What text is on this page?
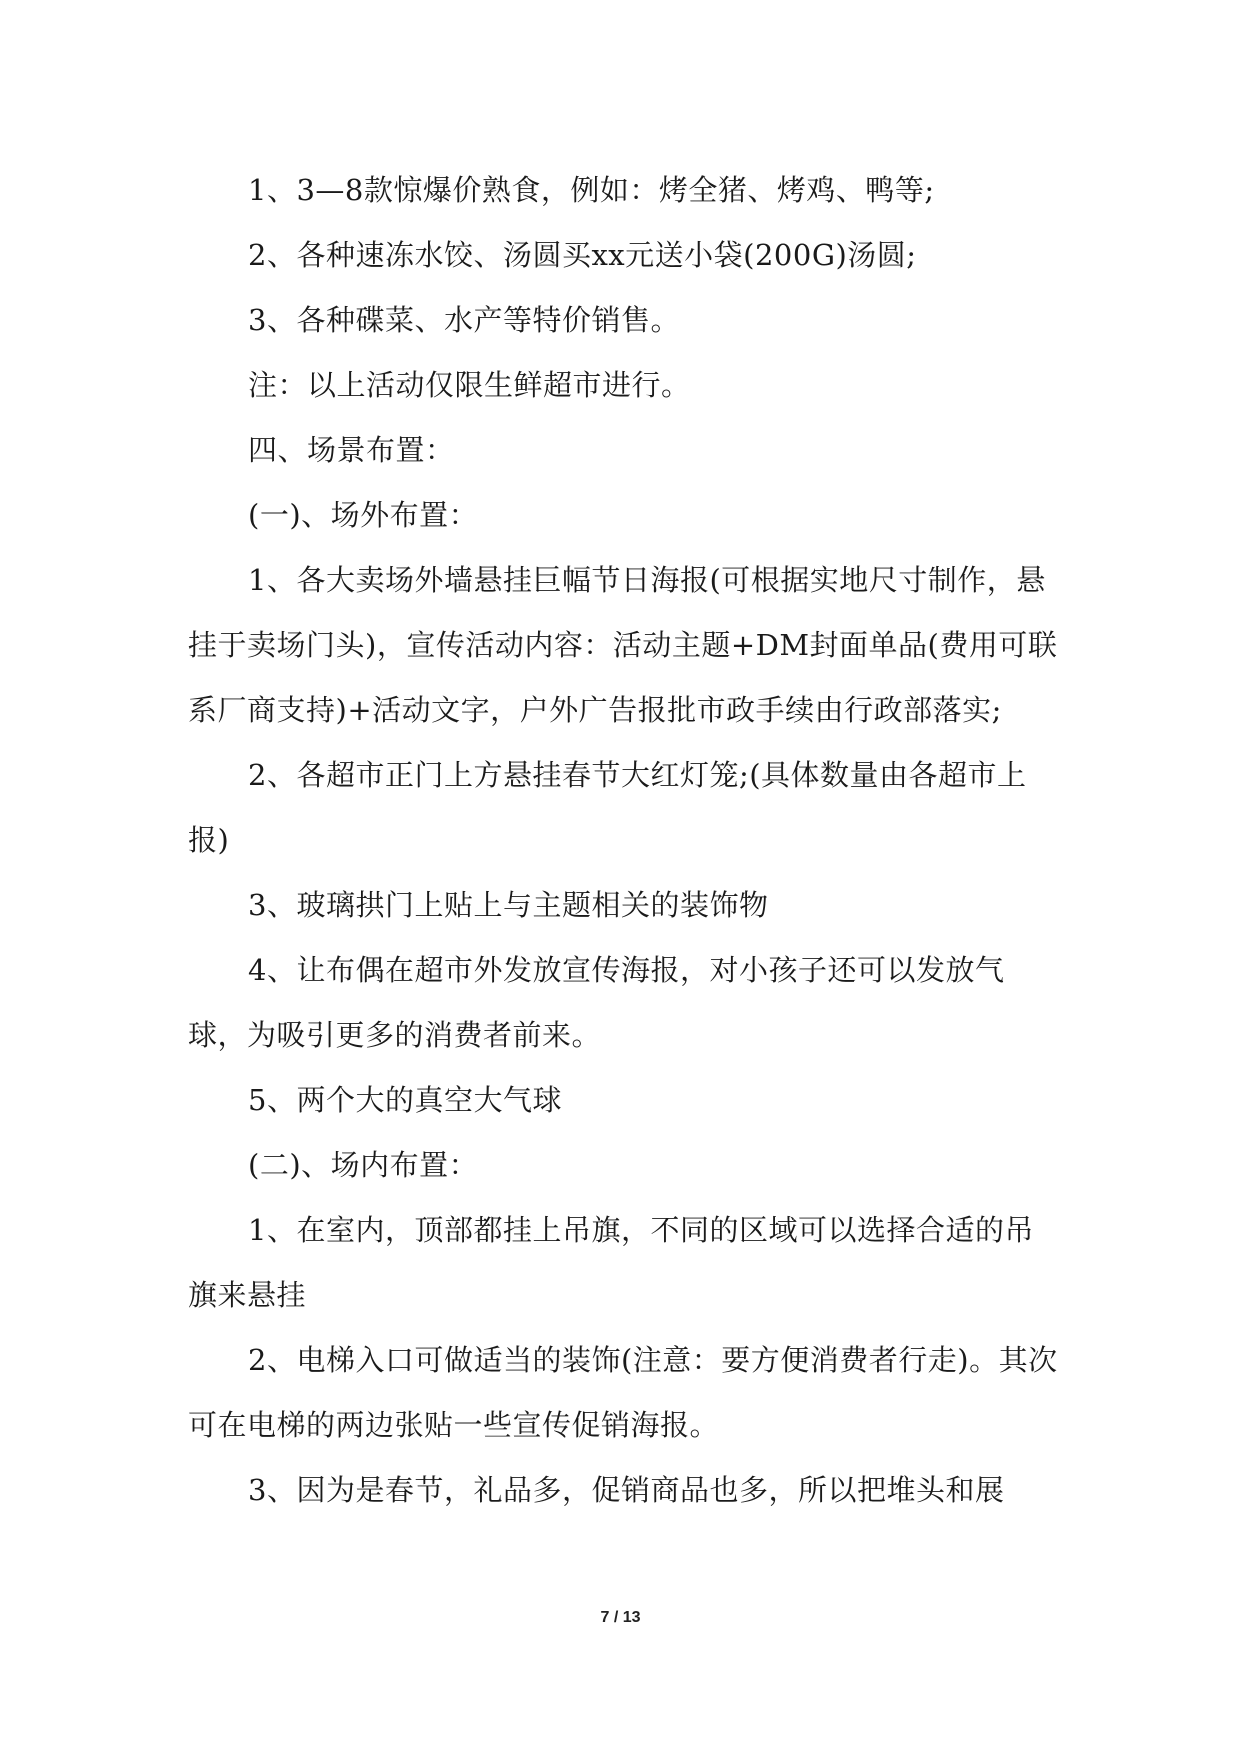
1、3—8款惊爆价熟食，例如：烤全猪、烤鸡、鸭等;

2、各种速冻水饺、汤圆买xx元送小袋(200G)汤圆;

3、各种碟菜、水产等特价销售。

注：以上活动仅限生鲜超市进行。

四、场景布置：

(一)、场外布置：

1、各大卖场外墙悬挂巨幅节日海报(可根据实地尺寸制作，悬挂于卖场门头)，宣传活动内容：活动主题+DM封面单品(费用可联系厂商支持)+活动文字，户外广告报批市政手续由行政部落实;

2、各超市正门上方悬挂春节大红灯笼;(具体数量由各超市上报)

3、玻璃拱门上贴上与主题相关的装饰物

4、让布偶在超市外发放宣传海报，对小孩子还可以发放气球，为吸引更多的消费者前来。

5、两个大的真空大气球

(二)、场内布置：

1、在室内，顶部都挂上吊旗，不同的区域可以选择合适的吊旗来悬挂

2、电梯入口可做适当的装饰(注意：要方便消费者行走)。其次可在电梯的两边张贴一些宣传促销海报。

3、因为是春节，礼品多，促销商品也多，所以把堆头和展

7 / 13
